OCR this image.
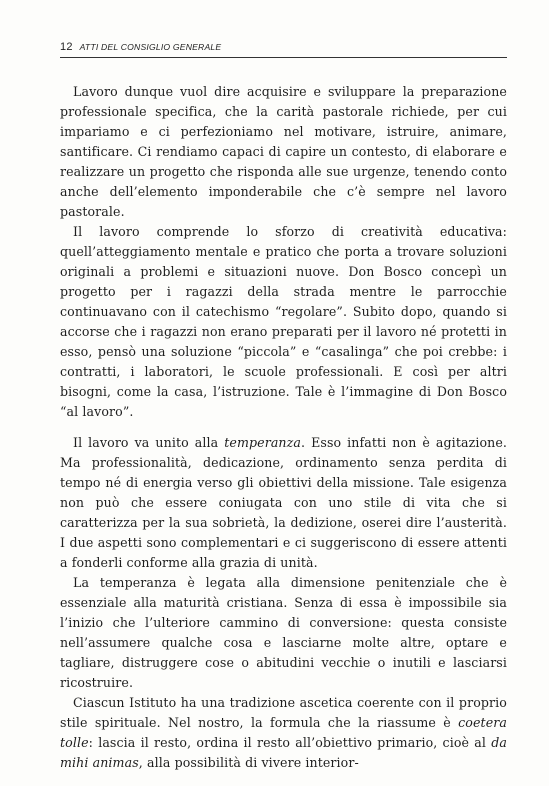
12 ATTI DEL CONSIGLIO GENERALE

Lavoro dunque vuol dire acquisire e sviluppare la preparazione professionale specifica, che la carità pastorale richiede, per cui impariamo e ci perfezioniamo nel motivare, istruire, animare, santificare. Ci rendiamo capaci di capire un contesto, di elaborare e realizzare un progetto che risponda alle sue urgenze, tenendo conto anche dell’elemento imponderabile che c’è sempre nel lavoro pastorale.

Il lavoro comprende lo sforzo di creatività educativa: quell’atteggiamento mentale e pratico che porta a trovare soluzioni originali a problemi e situazioni nuove. Don Bosco concepì un progetto per i ragazzi della strada mentre le parrocchie continuavano con il catechismo “regolare”. Subito dopo, quando si accorse che i ragazzi non erano preparati per il lavoro né protetti in esso, pensò una soluzione “piccola” e “casalinga” che poi crebbe: i contratti, i laboratori, le scuole professionali. E così per altri bisogni, come la casa, l’istruzione. Tale è l’immagine di Don Bosco “al lavoro”.

Il lavoro va unito alla temperanza. Esso infatti non è agitazione. Ma professionalità, dedicazione, ordinamento senza perdita di tempo né di energia verso gli obiettivi della missione. Tale esigenza non può che essere coniugata con uno stile di vita che si caratterizza per la sua sobrietà, la dedizione, oserei dire l’austerità. I due aspetti sono complementari e ci suggeriscono di essere attenti a fonderli conforme alla grazia di unità.

La temperanza è legata alla dimensione penitenziale che è essenziale alla maturità cristiana. Senza di essa è impossibile sia l’inizio che l’ulteriore cammino di conversione: questa consiste nell’assumere qualche cosa e lasciarne molte altre, optare e tagliare, distruggere cose o abitudini vecchie o inutili e lasciarsi ricostruire.

Ciascun Istituto ha una tradizione ascetica coerente con il proprio stile spirituale. Nel nostro, la formula che la riassume è coetera tolle: lascia il resto, ordina il resto all’obiettivo primario, cioè al da mihi animas, alla possibilità di vivere interior-
